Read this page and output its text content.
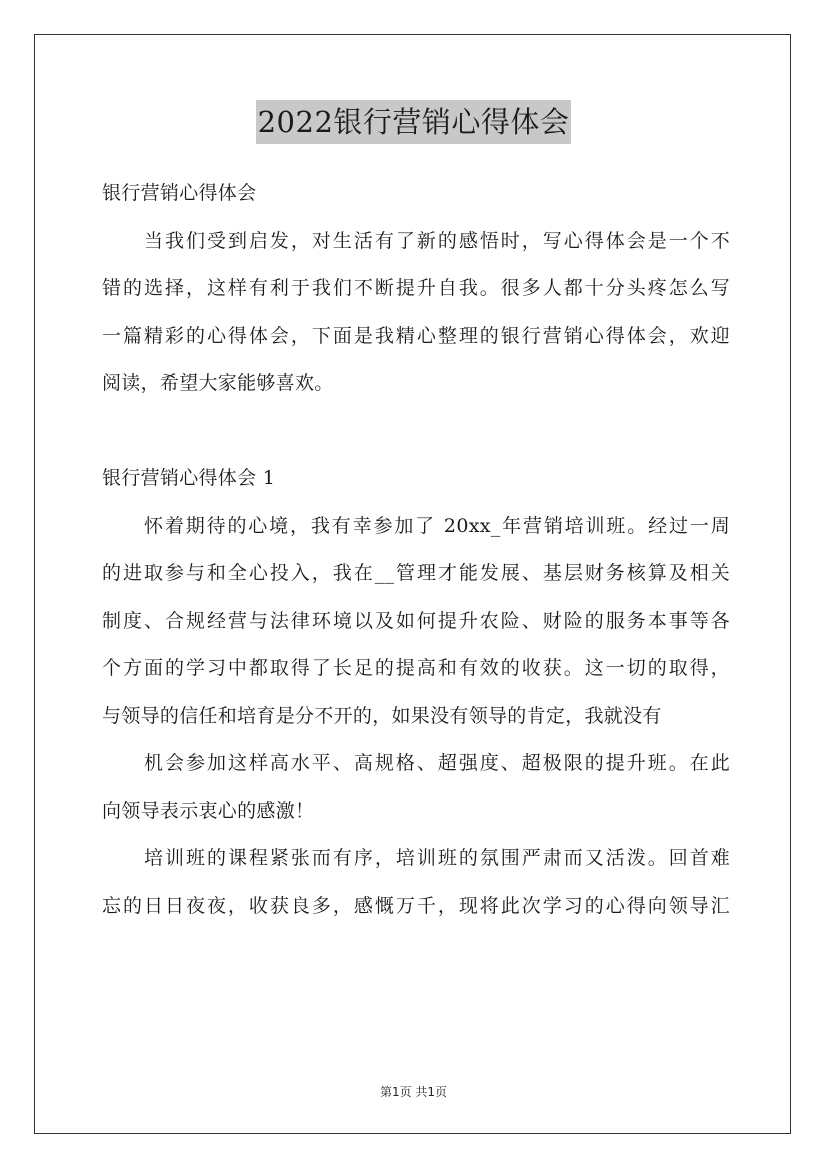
2022银行营销心得体会
银行营销心得体会
当我们受到启发，对生活有了新的感悟时，写心得体会是一个不
错的选择，这样有利于我们不断提升自我。很多人都十分头疼怎么写
一篇精彩的心得体会，下面是我精心整理的银行营销心得体会，欢迎
阅读，希望大家能够喜欢。
银行营销心得体会 1
怀着期待的心境，我有幸参加了 20xx_年营销培训班。经过一周
的进取参与和全心投入，我在__管理才能发展、基层财务核算及相关
制度、合规经营与法律环境以及如何提升农险、财险的服务本事等各
个方面的学习中都取得了长足的提高和有效的收获。这一切的取得，
与领导的信任和培育是分不开的，如果没有领导的肯定，我就没有
机会参加这样高水平、高规格、超强度、超极限的提升班。在此
向领导表示衷心的感激！
培训班的课程紧张而有序，培训班的氛围严肃而又活泼。回首难
忘的日日夜夜，收获良多，感慨万千，现将此次学习的心得向领导汇
第1页 共1页
